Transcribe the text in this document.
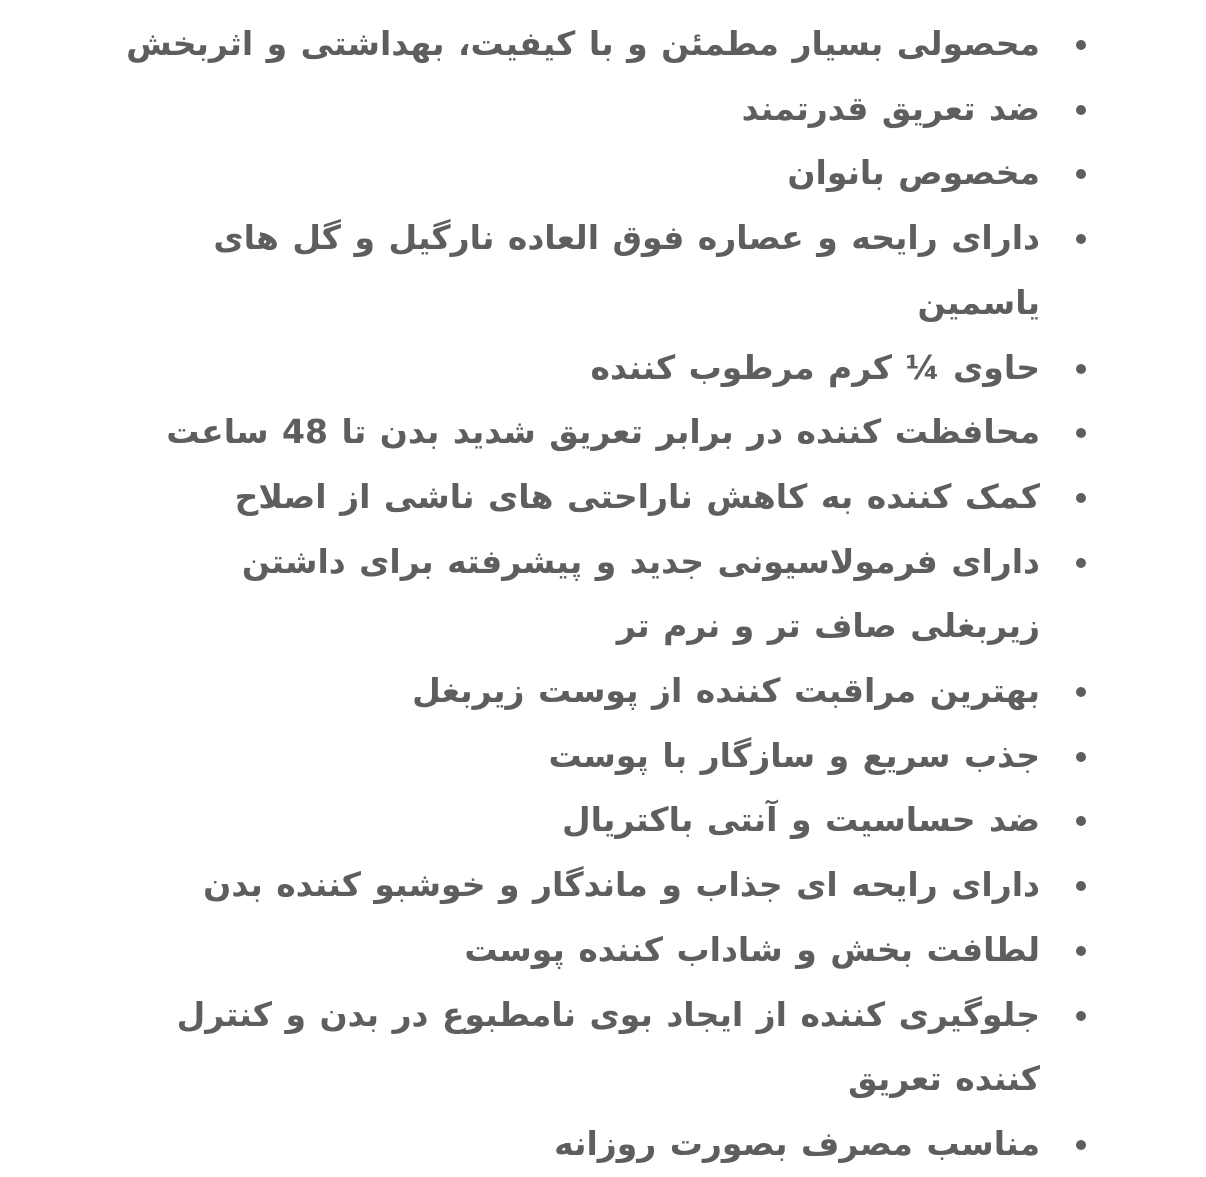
محصولی بسیار مطمئن و با کیفیت، بهداشتی و اثربخش
ضد تعریق قدرتمند
مخصوص بانوان
دارای رایحه و عصاره فوق العاده نارگیل و گل های یاسمین
حاوی ¼ کرم مرطوب کننده
محافظت کننده در برابر تعریق شدید بدن تا 48 ساعت
کمک کننده به کاهش ناراحتی های ناشی از اصلاح
دارای فرمولاسیونی جدید و پیشرفته برای داشتن زیربغلی صاف تر و نرم تر
بهترین مراقبت کننده از پوست زیربغل
جذب سریع و سازگار با پوست
ضد حساسیت و آنتی باکتریال
دارای رایحه ای جذاب و ماندگار و خوشبو کننده بدن
لطافت بخش و شاداب کننده پوست
جلوگیری کننده از ایجاد بوی نامطبوع در بدن و کنترل کننده تعریق
مناسب مصرف بصورت روزانه
